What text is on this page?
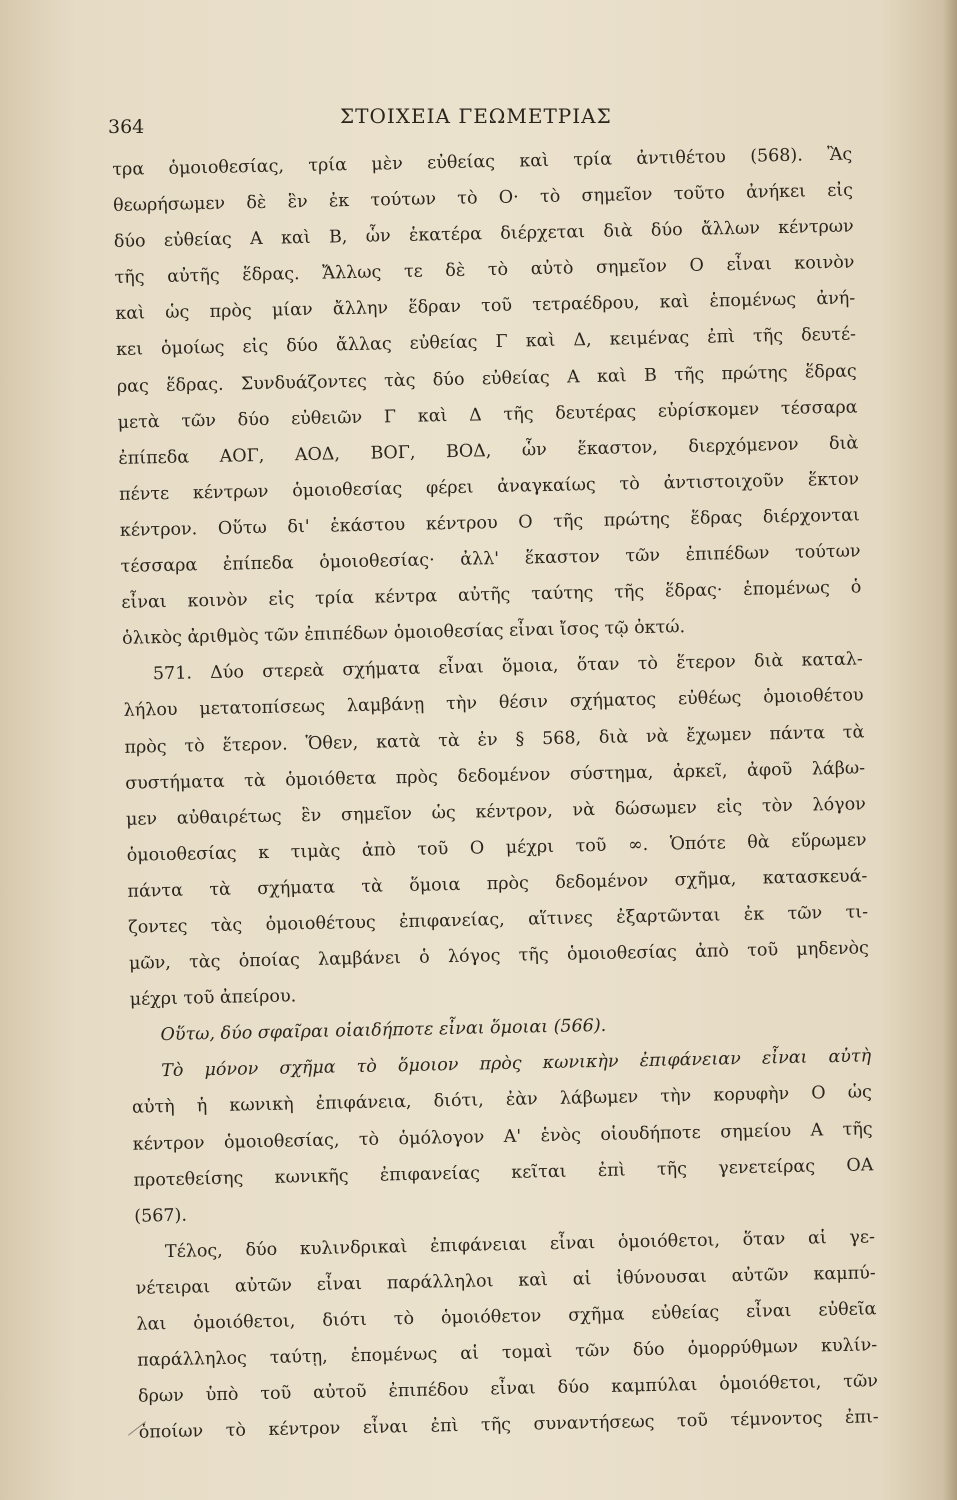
364	ΣΤΟΙΧΕΙΑ ΓΕΩΜΕΤΡΙΑΣ
τρα ὁμοιοθεσίας, τρία μὲν εὐθείας καὶ τρία ἀντιθέτου (568). Ἂς
θεωρήσωμεν δὲ ἓν ἐκ τούτων τὸ Ο· τὸ σημεῖον τοῦτο ἀνήκει εἰς
δύο εὐθείας Α καὶ Β, ὧν ἑκατέρα διέρχεται διὰ δύο ἄλλων κέντρων
τῆς αὐτῆς ἕδρας. Ἄλλως τε δὲ τὸ αὐτὸ σημεῖον Ο εἶναι κοινὸν
καὶ ὡς πρὸς μίαν ἄλλην ἕδραν τοῦ τετραέδρου, καὶ ἑπομένως ἀνή-
κει ὁμοίως εἰς δύο ἄλλας εὐθείας Γ καὶ Δ, κειμένας ἐπὶ τῆς δευτέ-
ρας ἕδρας. Συνδυάζοντες τὰς δύο εὐθείας Α καὶ Β τῆς πρώτης ἕδρας
μετὰ τῶν δύο εὐθειῶν Γ καὶ Δ τῆς δευτέρας εὑρίσκομεν τέσσαρα
ἐπίπεδα ΑΟΓ, ΑΟΔ, ΒΟΓ, ΒΟΔ, ὧν ἕκαστον, διερχόμενον διὰ
πέντε κέντρων ὁμοιοθεσίας φέρει ἀναγκαίως τὸ ἀντιστοιχοῦν ἕκτον
κέντρον. Οὕτω δι' ἑκάστου κέντρου Ο τῆς πρώτης ἕδρας διέρχονται
τέσσαρα ἐπίπεδα ὁμοιοθεσίας· ἀλλ' ἕκαστον τῶν ἐπιπέδων τούτων
εἶναι κοινὸν εἰς τρία κέντρα αὐτῆς ταύτης τῆς ἕδρας· ἑπομένως ὁ
ὁλικὸς ἀριθμὸς τῶν ἐπιπέδων ὁμοιοθεσίας εἶναι ἴσος τῷ ὀκτώ.
571. Δύο στερεὰ σχήματα εἶναι ὅμοια, ὅταν τὸ ἕτερον διὰ καταλ-
λήλου μετατοπίσεως λαμβάνῃ τὴν θέσιν σχήματος εὐθέως ὁμοιοθέτου
πρὸς τὸ ἕτερον. Ὅθεν, κατὰ τὰ ἐν § 568, διὰ νὰ ἔχωμεν πάντα τὰ
συστήματα τὰ ὁμοιόθετα πρὸς δεδομένον σύστημα, ἀρκεῖ, ἀφοῦ λάβω-
μεν αὐθαιρέτως ἓν σημεῖον ὡς κέντρον, νὰ δώσωμεν εἰς τὸν λόγον
ὁμοιοθεσίας κ τιμὰς ἀπὸ τοῦ Ο μέχρι τοῦ ∞. Ὁπότε θὰ εὕρωμεν
πάντα τὰ σχήματα τὰ ὅμοια πρὸς δεδομένον σχῆμα, κατασκευά-
ζοντες τὰς ὁμοιοθέτους ἐπιφανείας, αἵτινες ἐξαρτῶνται ἐκ τῶν τι-
μῶν, τὰς ὁποίας λαμβάνει ὁ λόγος τῆς ὁμοιοθεσίας ἀπὸ τοῦ μηδενὸς
μέχρι τοῦ ἀπείρου.
Οὕτω, δύο σφαῖραι οἱαιδήποτε εἶναι ὅμοιαι (566).
Τὸ μόνον σχῆμα τὸ ὅμοιον πρὸς κωνικὴν ἐπιφάνειαν εἶναι αὐτὴ
αὐτὴ ἡ κωνικὴ ἐπιφάνεια, διότι, ἐὰν λάβωμεν τὴν κορυφὴν Ο ὡς
κέντρον ὁμοιοθεσίας, τὸ ὁμόλογον Α' ἑνὸς οἱουδήποτε σημείου Α τῆς
προτεθείσης κωνικῆς ἐπιφανείας κεῖται ἐπὶ τῆς γενετείρας ΟΑ
(567).
Τέλος, δύο κυλινδρικαὶ ἐπιφάνειαι εἶναι ὁμοιόθετοι, ὅταν αἱ γε-
νέτειραι αὐτῶν εἶναι παράλληλοι καὶ αἱ ἰθύνουσαι αὐτῶν καμπύ-
λαι ὁμοιόθετοι, διότι τὸ ὁμοιόθετον σχῆμα εὐθείας εἶναι εὐθεῖα
παράλληλος ταύτῃ, ἑπομένως αἱ τομαὶ τῶν δύο ὁμορρύθμων κυλίν-
δρων ὑπὸ τοῦ αὐτοῦ ἐπιπέδου εἶναι δύο καμπύλαι ὁμοιόθετοι, τῶν
ὁποίων τὸ κέντρον εἶναι ἐπὶ τῆς συναντήσεως τοῦ τέμνοντος ἐπι-
